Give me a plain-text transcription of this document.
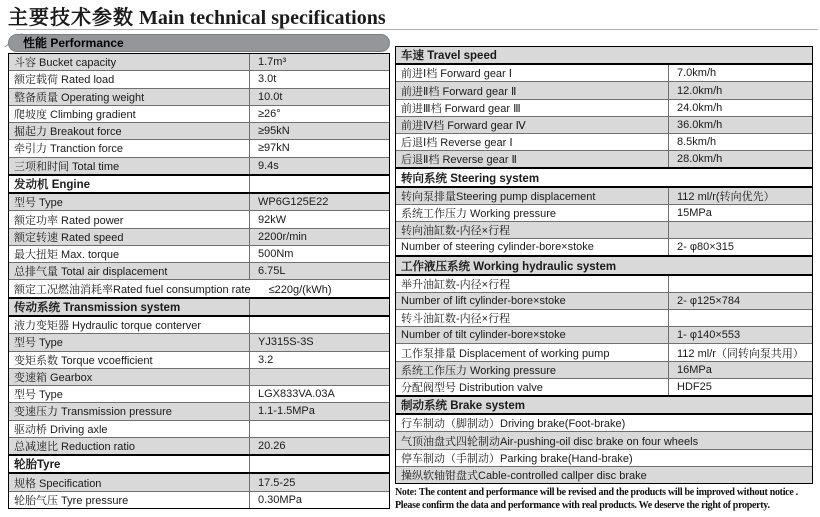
主要技术参数 Main technical specifications
性能 Performance
斗容 Bucket capacity	1.7m³
额定载荷 Rated load	3.0t
整备质量 Operating weight	10.0t
爬坡度 Climbing gradient	≥26°
掘起力 Breakout force	≥95kN
牵引力 Tranction force	≥97kN
三项和时间 Total time	9.4s
发动机 Engine
型号 Type	WP6G125E22
额定功率 Rated power	92kW
额定转速 Rated speed	2200r/min
最大扭矩 Max. torque	500Nm
总排气量 Total air displacement	6.75L
额定工况燃油消耗率Rated fuel consumption rate ≤220g/(kWh)
传动系统 Transmission system
液力变矩器 Hydraulic torque conterver
型号 Type	YJ315S-3S
变矩系数 Torque vcoefficient	3.2
变速箱 Gearbox
型号 Type	LGX833VA.03A
变速压力 Transmission pressure	1.1-1.5MPa
驱动桥 Driving axle
总减速比 Reduction ratio	20.26
轮胎Tyre
规格 Specification	17.5-25
轮胎气压 Tyre pressure	0.30MPa
车速 Travel speed
前进Ⅰ档 Forward gear Ⅰ	7.0km/h
前进Ⅱ档 Forward gear Ⅱ	12.0km/h
前进Ⅲ档 Forward gear Ⅲ	24.0km/h
前进Ⅳ档 Forward gear Ⅳ	36.0km/h
后退Ⅰ档 Reverse gear Ⅰ	8.5km/h
后退Ⅱ档 Reverse gear Ⅱ	28.0km/h
转向系统 Steering system
转向泵排量Steering pump displacement	112 ml/r(转向优先）
系统工作压力 Working pressure	15MPa
转向油缸数-内径×行程
Number of steering cylinder-bore×stoke	2- φ80×315
工作液压系统 Working hydraulic system
举升油缸数-内径×行程
Number of lift cylinder-bore×stoke	2- φ125×784
转斗油缸数-内径×行程
Number of tilt cylinder-bore×stoke	1- φ140×553
工作泵排量 Displacement of working pump	112 ml/r（同转向泵共用）
系统工作压力 Working pressure	16MPa
分配阀型号 Distribution valve	HDF25
制动系统 Brake system
行车制动（脚制动）Driving brake(Foot-brake)
气顶油盘式四轮制动Air-pushing-oil disc brake on four wheels
停车制动（手制动）Parking brake(Hand-brake)
操纵软轴钳盘式Cable-controlled callper disc brake
Note: The content and performance will be revised and the products will be improved without notice .
Please confirm the data and performance with real products. We deserve the right of property.
